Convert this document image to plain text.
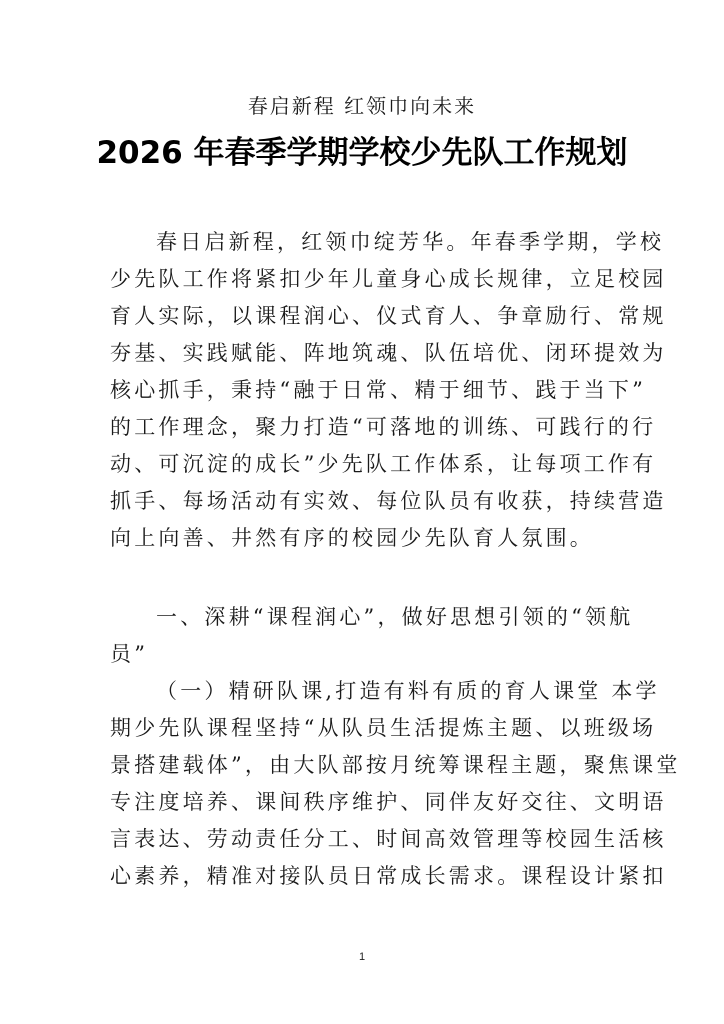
春启新程 红领巾向未来
2026 年春季学期学校少先队工作规划
春日启新程，红领巾绽芳华。年春季学期，学校
少先队工作将紧扣少年儿童身心成长规律，立足校园
育人实际，以课程润心、仪式育人、争章励行、常规
夯基、实践赋能、阵地筑魂、队伍培优、闭环提效为
核心抓手，秉持“融于日常、精于细节、践于当下”
的工作理念，聚力打造“可落地的训练、可践行的行
动、可沉淀的成长”少先队工作体系，让每项工作有
抓手、每场活动有实效、每位队员有收获，持续营造
向上向善、井然有序的校园少先队育人氛围。
一、深耕“课程润心”，做好思想引领的“领航
员”
（一）精研队课,打造有料有质的育人课堂 本学
期少先队课程坚持“从队员生活提炼主题、以班级场
景搭建载体”，由大队部按月统筹课程主题，聚焦课堂
专注度培养、课间秩序维护、同伴友好交往、文明语
言表达、劳动责任分工、时间高效管理等校园生活核
心素养，精准对接队员日常成长需求。课程设计紧扣
1
